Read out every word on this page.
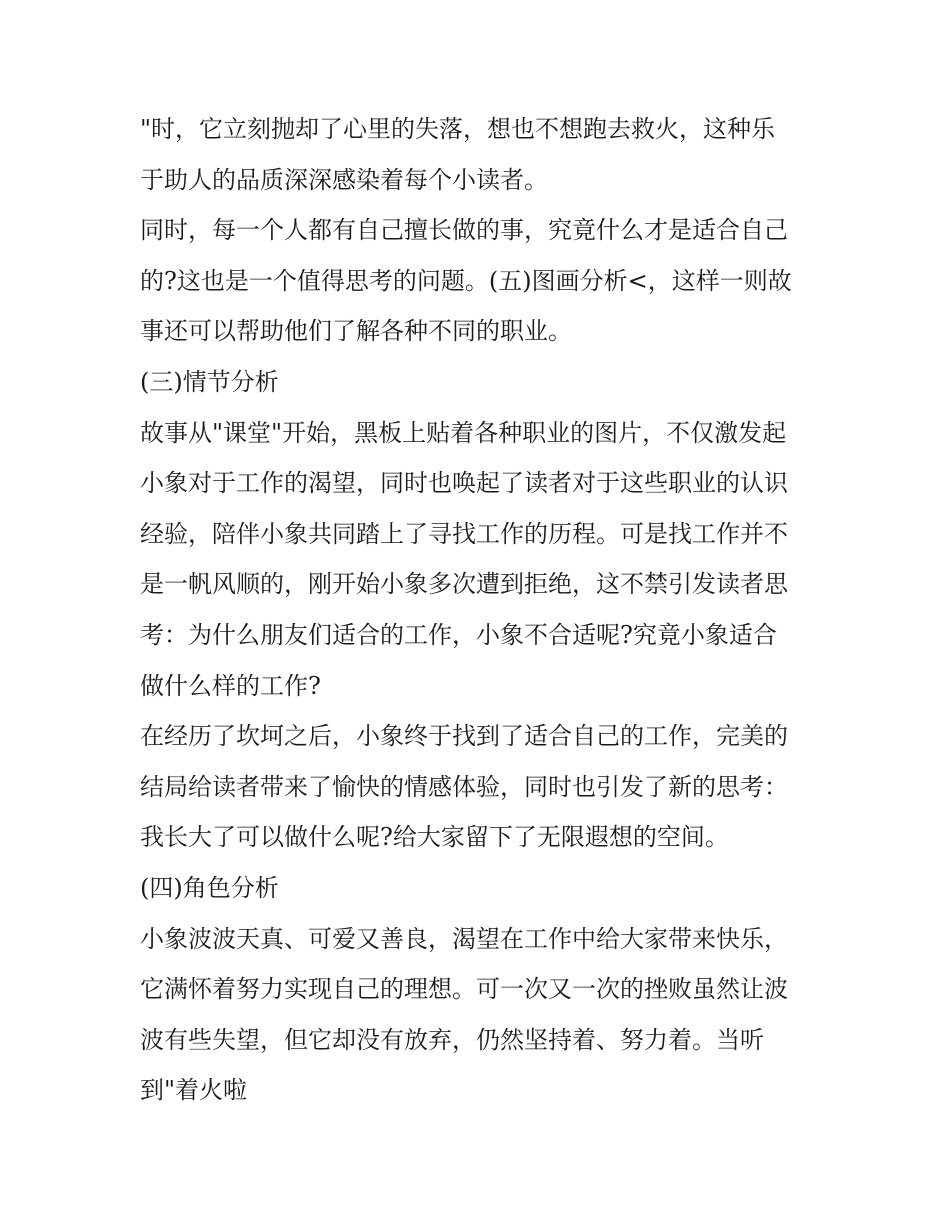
"时，它立刻抛却了心里的失落，想也不想跑去救火，这种乐

于助人的品质深深感染着每个小读者。

同时，每一个人都有自己擅长做的事，究竟什么才是适合自己

的?这也是一个值得思考的问题。(五)图画分析<，这样一则故

事还可以帮助他们了解各种不同的职业。

(三)情节分析

故事从"课堂"开始，黑板上贴着各种职业的图片，不仅激发起

小象对于工作的渴望，同时也唤起了读者对于这些职业的认识

经验，陪伴小象共同踏上了寻找工作的历程。可是找工作并不

是一帆风顺的，刚开始小象多次遭到拒绝，这不禁引发读者思

考：为什么朋友们适合的工作，小象不合适呢?究竟小象适合

做什么样的工作?

在经历了坎坷之后，小象终于找到了适合自己的工作，完美的

结局给读者带来了愉快的情感体验，同时也引发了新的思考：

我长大了可以做什么呢?给大家留下了无限遐想的空间。

(四)角色分析

小象波波天真、可爱又善良，渴望在工作中给大家带来快乐，

它满怀着努力实现自己的理想。可一次又一次的挫败虽然让波

波有些失望，但它却没有放弃，仍然坚持着、努力着。当听

到"着火啦
